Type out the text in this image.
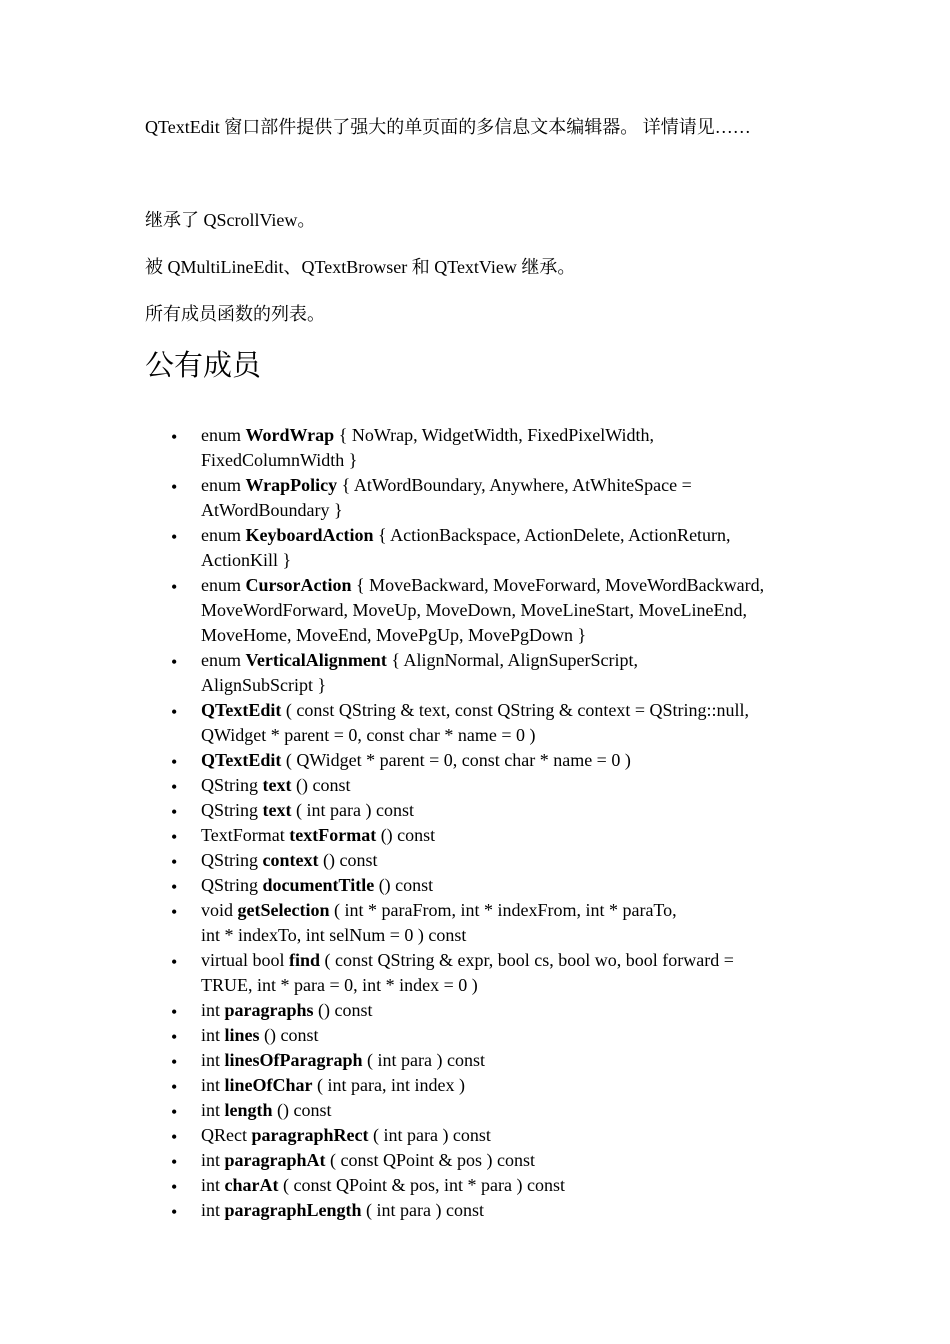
QTextEdit 窗口部件提供了强大的单页面的多信息文本编辑器。 详情请见……
继承了 QScrollView。
被 QMultiLineEdit、QTextBrowser 和 QTextView 继承。
所有成员函数的列表。
公有成员
• enum WordWrap { NoWrap, WidgetWidth, FixedPixelWidth,
FixedColumnWidth }
• enum WrapPolicy { AtWordBoundary, Anywhere, AtWhiteSpace =
AtWordBoundary }
• enum KeyboardAction { ActionBackspace, ActionDelete, ActionReturn,
ActionKill }
• enum CursorAction { MoveBackward, MoveForward, MoveWordBackward,
MoveWordForward, MoveUp, MoveDown, MoveLineStart, MoveLineEnd,
MoveHome, MoveEnd, MovePgUp, MovePgDown }
• enum VerticalAlignment { AlignNormal, AlignSuperScript,
AlignSubScript }
• QTextEdit ( const QString & text, const QString & context = QString::null,
QWidget * parent = 0, const char * name = 0 )
• QTextEdit ( QWidget * parent = 0, const char * name = 0 )
• QString text () const
• QString text ( int para ) const
• TextFormat textFormat () const
• QString context () const
• QString documentTitle () const
• void getSelection ( int * paraFrom, int * indexFrom, int * paraTo,
int * indexTo, int selNum = 0 ) const
• virtual bool find ( const QString & expr, bool cs, bool wo, bool forward =
TRUE, int * para = 0, int * index = 0 )
• int paragraphs () const
• int lines () const
• int linesOfParagraph ( int para ) const
• int lineOfChar ( int para, int index )
• int length () const
• QRect paragraphRect ( int para ) const
• int paragraphAt ( const QPoint & pos ) const
• int charAt ( const QPoint & pos, int * para ) const
• int paragraphLength ( int para ) const
